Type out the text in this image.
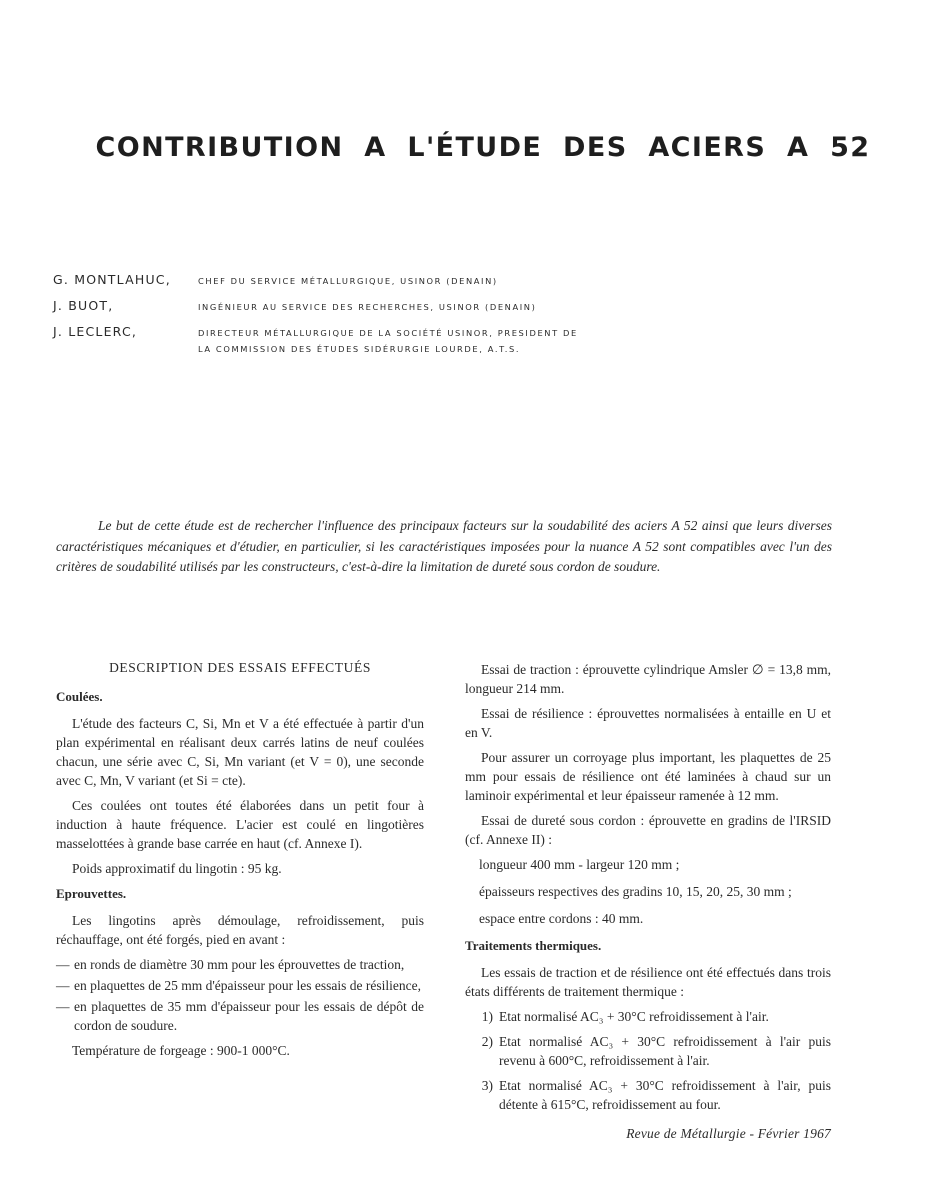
CONTRIBUTION A L'ÉTUDE DES ACIERS A 52
G. MONTLAHUC,	CHEF DU SERVICE MÉTALLURGIQUE, USINOR (DENAIN)
J. BUOT,	INGÉNIEUR AU SERVICE DES RECHERCHES, USINOR (DENAIN)
J. LECLERC,	DIRECTEUR MÉTALLURGIQUE DE LA SOCIÉTÉ USINOR, PRESIDENT DE
LA COMMISSION DES ÉTUDES SIDÉRURGIE LOURDE, A.T.S.

Le but de cette étude est de rechercher l'influence des principaux facteurs sur la soudabilité des aciers A 52 ainsi que leurs diverses caractéristiques mécaniques et d'étudier, en particulier, si les caractéristiques imposées pour la nuance A 52 sont compatibles avec l'un des critères de soudabilité utilisés par les constructeurs, c'est-à-dire la limitation de dureté sous cordon de soudure.

DESCRIPTION DES ESSAIS EFFECTUÉS
Coulées.

L'étude des facteurs C, Si, Mn et V a été effectuée à partir d'un plan expérimental en réalisant deux carrés latins de neuf coulées chacun, une série avec C, Si, Mn variant (et V = 0), une seconde avec C, Mn, V variant (et Si = cte).

Ces coulées ont toutes été élaborées dans un petit four à induction à haute fréquence. L'acier est coulé en lingotières masselottées à grande base carrée en haut (cf. Annexe I).

Poids approximatif du lingotin : 95 kg.

Eprouvettes.

Les lingotins après démoulage, refroidissement, puis réchauffage, ont été forgés, pied en avant :

— en ronds de diamètre 30 mm pour les éprouvettes de traction,
— en plaquettes de 25 mm d'épaisseur pour les essais de résilience,
— en plaquettes de 35 mm d'épaisseur pour les essais de dépôt de cordon de soudure.

Température de forgeage : 900-1 000°C.

Essai de traction : éprouvette cylindrique Amsler ∅ = 13,8 mm, longueur 214 mm.

Essai de résilience : éprouvettes normalisées à entaille en U et en V.

Pour assurer un corroyage plus important, les plaquettes de 25 mm pour essais de résilience ont été laminées à chaud sur un laminoir expérimental et leur épaisseur ramenée à 12 mm.

Essai de dureté sous cordon : éprouvette en gradins de l'IRSID (cf. Annexe II) :

longueur 400 mm - largeur 120 mm ;
épaisseurs respectives des gradins 10, 15, 20, 25, 30 mm ;
espace entre cordons : 40 mm.
Traitements thermiques.

Les essais de traction et de résilience ont été effectués dans trois états différents de traitement thermique :

1) Etat normalisé AC₃ + 30°C refroidissement à l'air.
2) Etat normalisé AC₃ + 30°C refroidissement à l'air puis revenu à 600°C, refroidissement à l'air.
3) Etat normalisé AC₃ + 30°C refroidissement à l'air, puis détente à 615°C, refroidissement au four.
Revue de Métallurgie - Février 1967
